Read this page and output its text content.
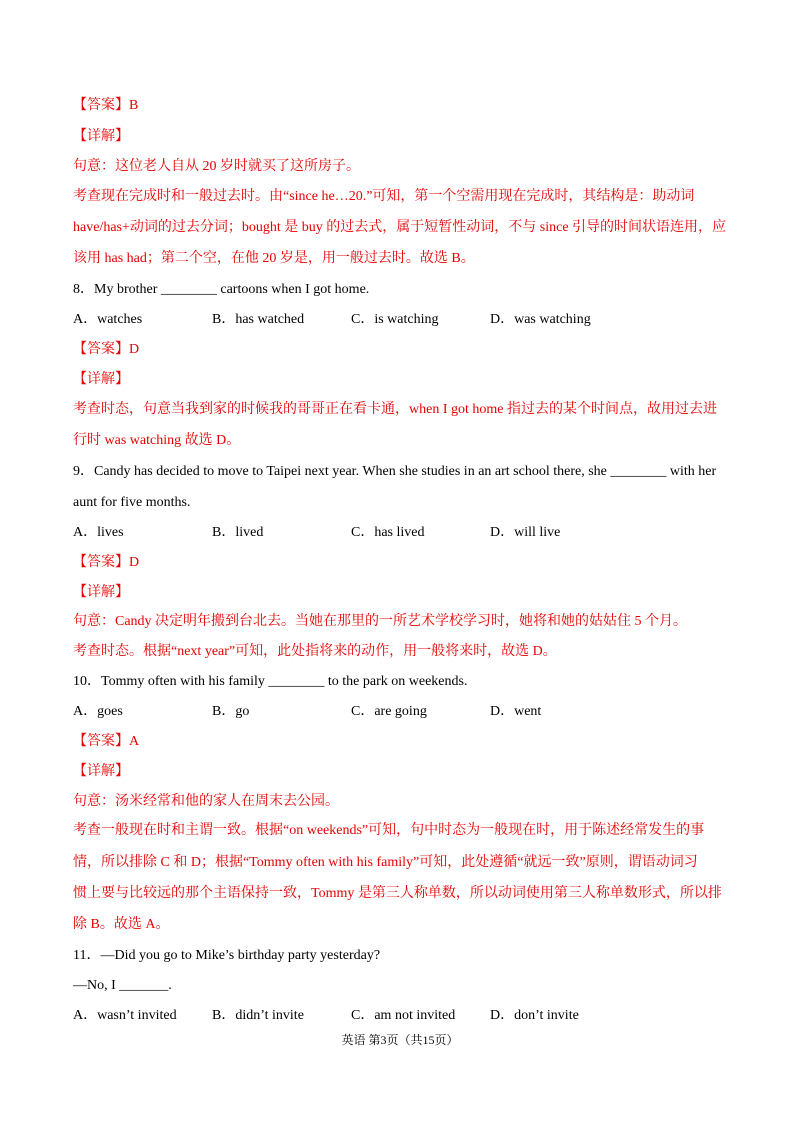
【答案】B
【详解】
句意：这位老人自从 20 岁时就买了这所房子。
考查现在完成时和一般过去时。由“since he…20.”可知，第一个空需用现在完成时，其结构是：助动词
have/has+动词的过去分词；bought 是 buy 的过去式，属于短暂性动词，不与 since 引导的时间状语连用，应
该用 has had；第二个空，在他 20 岁是，用一般过去时。故选 B。
8．My brother ________ cartoons when I got home.
A．watches	B．has watched	C．is watching	D．was watching
【答案】D
【详解】
考查时态，句意当我到家的时候我的哥哥正在看卡通，when I got home 指过去的某个时间点，故用过去进
行时 was watching 故选 D。
9．Candy has decided to move to Taipei next year. When she studies in an art school there, she ________ with her
aunt for five months.
A．lives	B．lived	C．has lived	D．will live
【答案】D
【详解】
句意：Candy 决定明年搬到台北去。当她在那里的一所艺术学校学习时，她将和她的姑姑住 5 个月。
考查时态。根据“next year”可知，此处指将来的动作，用一般将来时，故选 D。
10．Tommy often with his family ________ to the park on weekends.
A．goes	B．go	C．are going	D．went
【答案】A
【详解】
句意：汤米经常和他的家人在周末去公园。
考查一般现在时和主谓一致。根据“on weekends”可知，句中时态为一般现在时，用于陈述经常发生的事
情，所以排除 C 和 D；根据“Tommy often with his family”可知，此处遵循“就远一致”原则，谓语动词习
惯上要与比较远的那个主语保持一致，Tommy 是第三人称单数，所以动词使用第三人称单数形式，所以排
除 B。故选 A。
11．—Did you go to Mike’s birthday party yesterday?
—No, I _______.
A．wasn’t invited	B．didn’t invite	C．am not invited D．don’t invite
英语 第3页（共15页）
